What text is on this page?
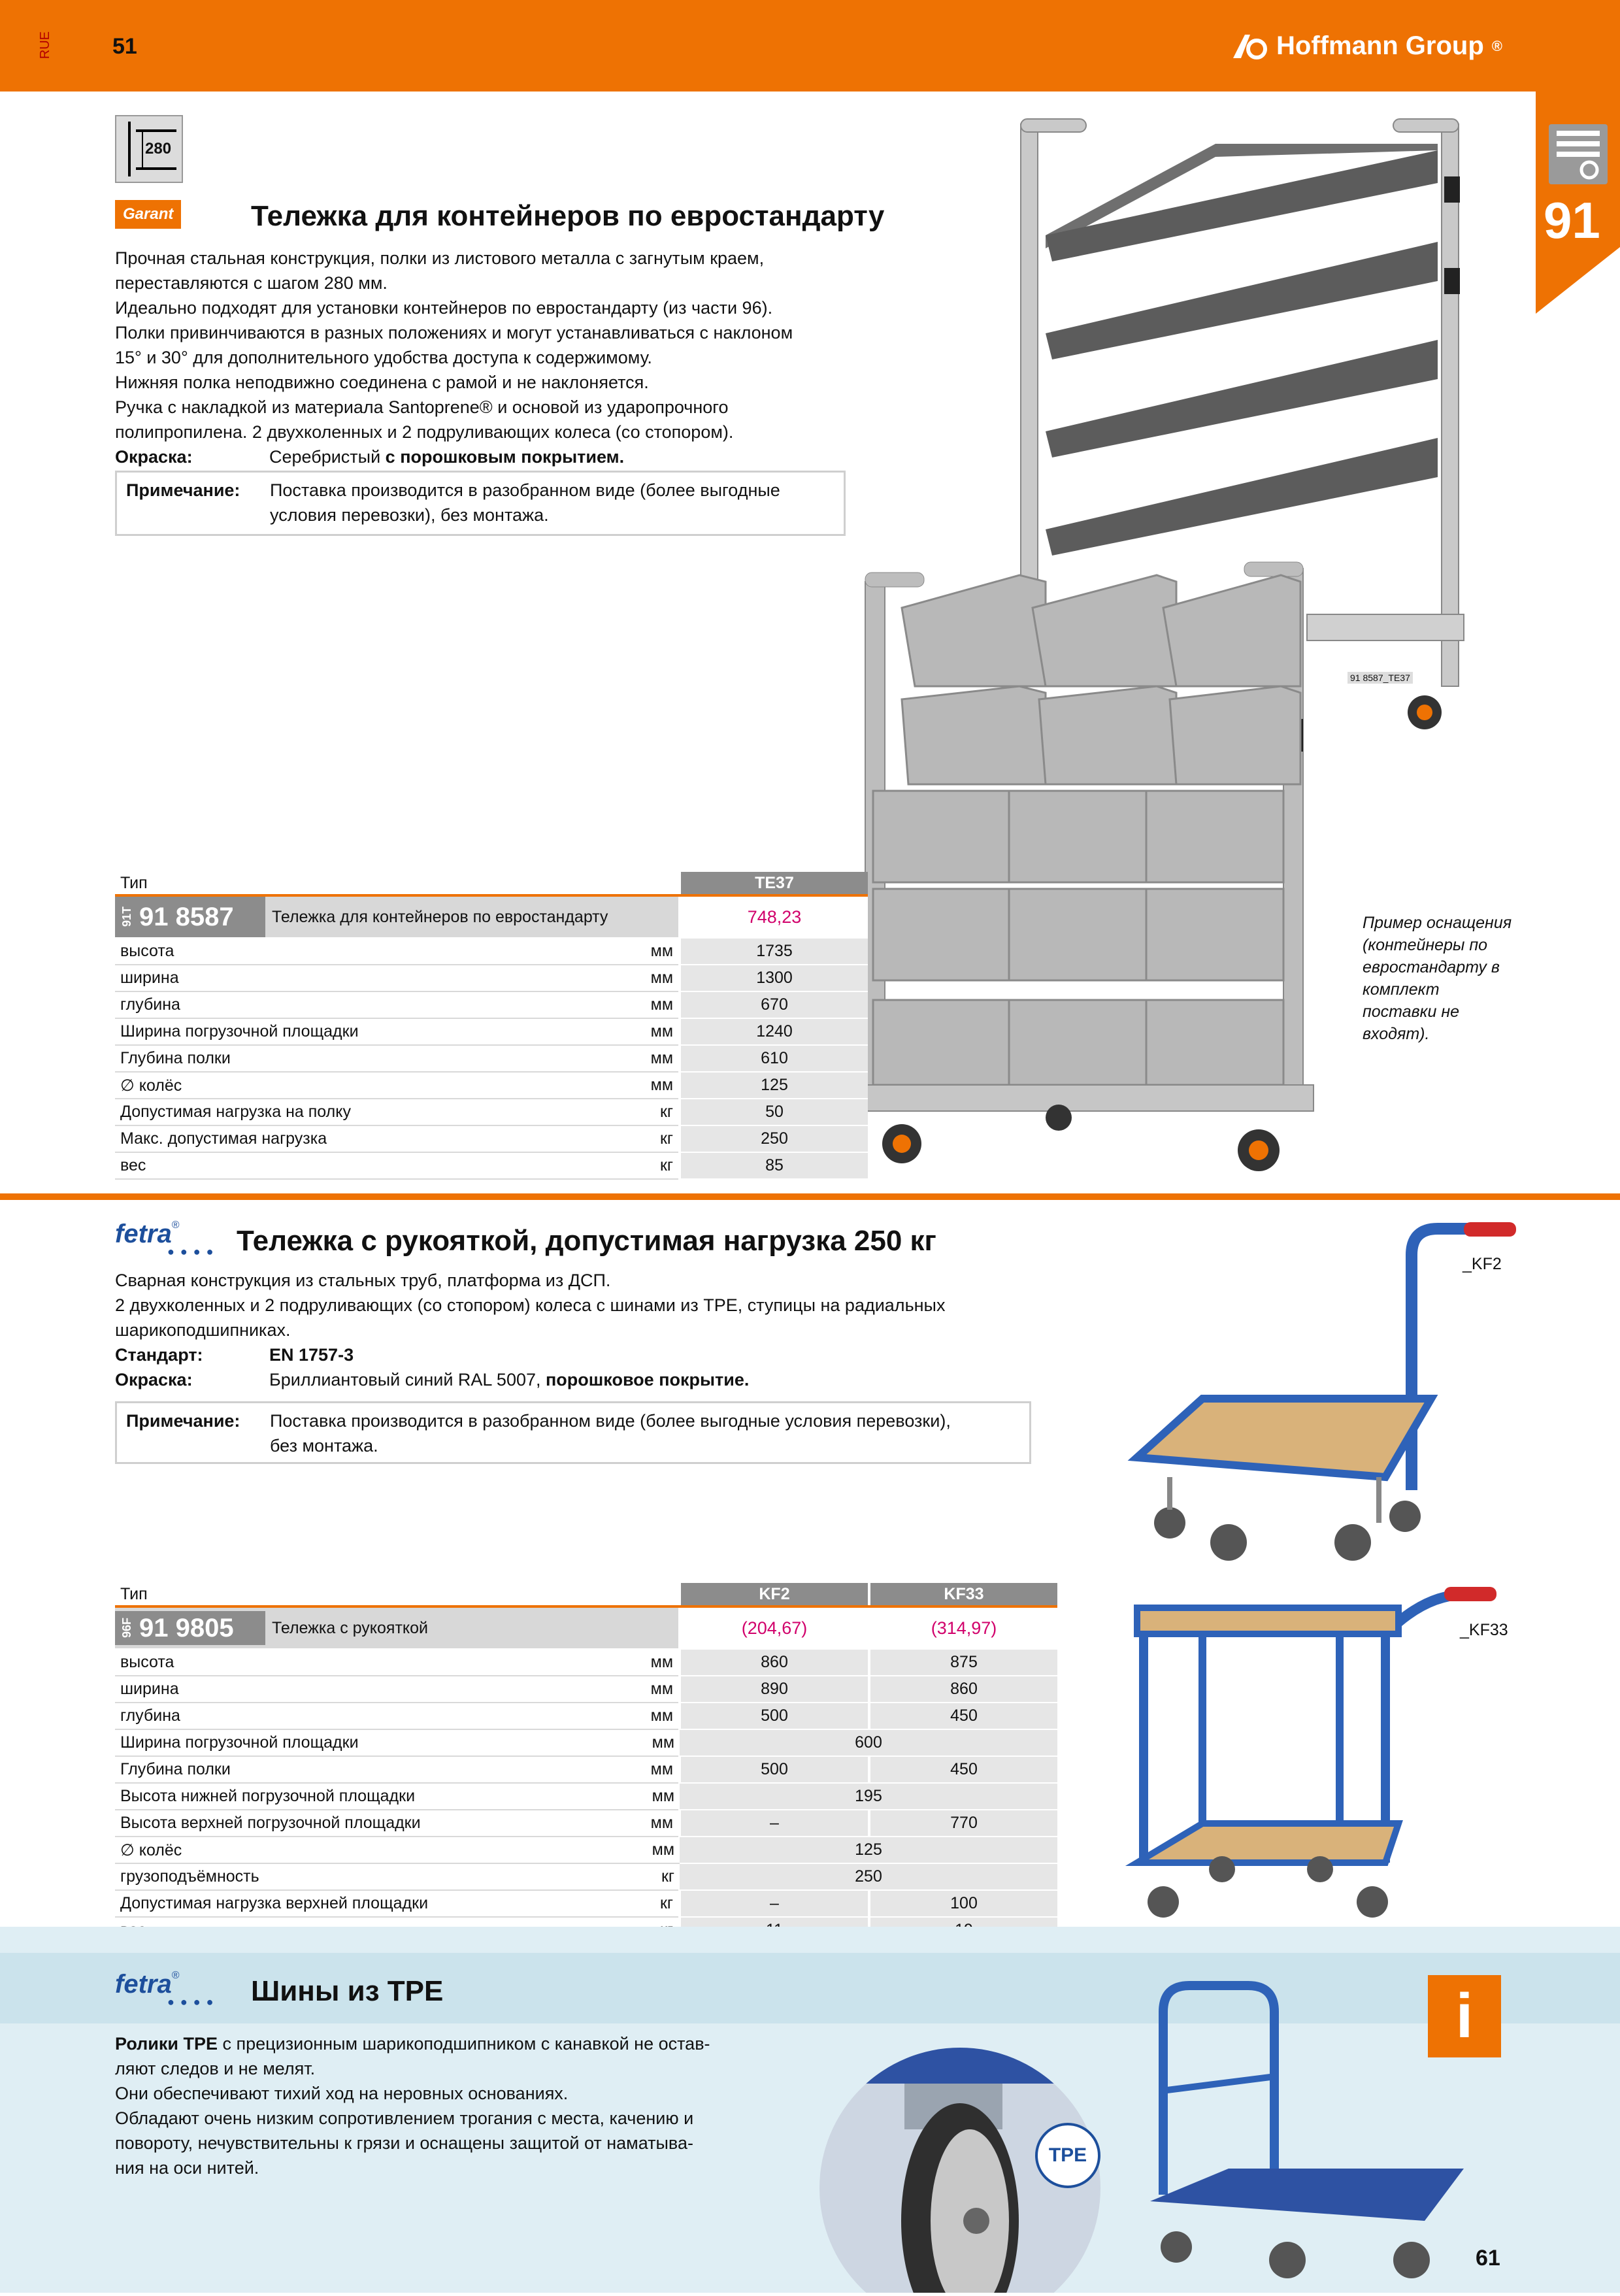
RUE	51	Hoffmann Group ®
91
280
Garant	Тележка для контейнеров по евростандарту
Прочная стальная конструкция, полки из листового металла с загнутым краем,
переставляются с шагом 280 мм.
Идеально подходят для установки контейнеров по евростандарту (из части 96).
Полки привинчиваются в разных положениях и могут устанавливаться с наклоном
15° и 30° для дополнительного удобства доступа к содержимому.
Нижняя полка неподвижно соединена с рамой и не наклоняется.
Ручка с накладкой из материала Santoprene® и основой из ударопрочного
полипропилена. 2 двухколенных и 2 подруливающих колеса (со стопором).
Окраска:	Серебристый с порошковым покрытием.
Примечание: Поставка производится в разобранном виде (более выгодные
условия перевозки), без монтажа.
91 8587_TE37
Пример оснащения
(контейнеры по
евростандарту в
комплект
поставки не
входят).
Тип		TE37

91T 91 8587 Тележка для контейнеров по евростандарту		748,23
высота	мм	1735
ширина	мм	1300
глубина	мм	670
Ширина погрузочной площадки	мм	1240
Глубина полки	мм	610
∅ колёс	мм	125
Допустимая нагрузка на полку	кг	50
Макс. допустимая нагрузка	кг	250
вес	кг	85
fetra®
● ● ● ● Тележка с рукояткой, допустимая нагрузка 250 кг
Сварная конструкция из стальных труб, платформа из ДСП.
2 двухколенных и 2 подруливающих (со стопором) колеса с шинами из TPE, ступицы на радиальных
шарикоподшипниках.
Стандарт:	EN 1757-3
Окраска:	Бриллиантовый синий RAL 5007, порошковое покрытие.
Примечание: Поставка производится в разобранном виде (более выгодные условия перевозки),
без монтажа.
_KF2
_KF33
Тип		KF2	KF33

96F 91 9805 Тележка с рукояткой		(204,67)	(314,97)
высота	мм	860	875
ширина	мм	890	860
глубина	мм	500	450
Ширина погрузочной площадки	мм	600	
Глубина полки	мм	500	450
Высота нижней погрузочной площадки	мм	195	
Высота верхней погрузочной площадки	мм	–	770
∅ колёс	мм	125	
грузоподъёмность	кг	250	
Допустимая нагрузка верхней площадки	кг	–	100

fetra®
● ● ● ● Шины из TPE
Ролики TPE с прецизионным шарикоподшипником с канавкой не остав-
ляют следов и не мелят.
Они обеспечивают тихий ход на неровных основаниях.
Обладают очень низким сопротивлением трогания с места, качению и
повороту, нечувствительны к грязи и оснащены защитой от наматыва-
ния на оси нитей.
TPE
i
61
